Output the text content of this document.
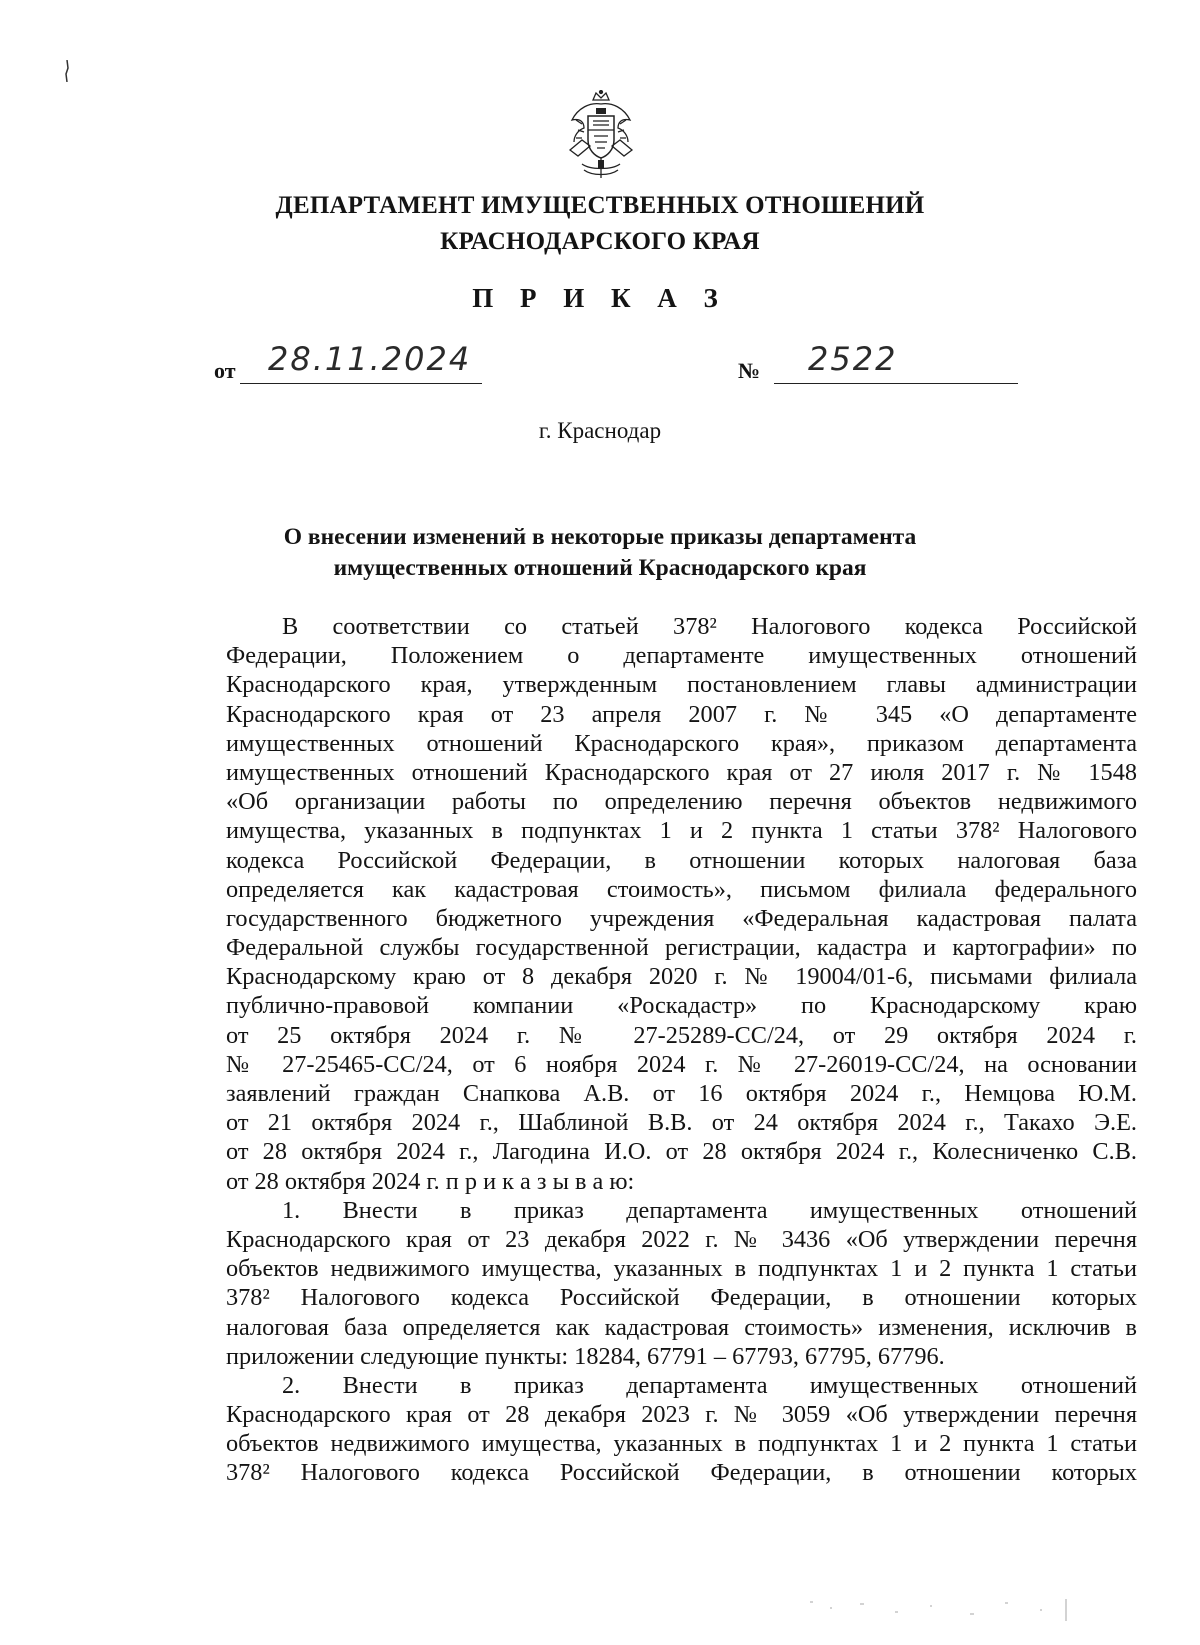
ДЕПАРТАМЕНТ ИМУЩЕСТВЕННЫХ ОТНОШЕНИЙ
КРАСНОДАРСКОГО КРАЯ
П Р И К А З
от 28.11.2024	№ 2522
г. Краснодар
О внесении изменений в некоторые приказы департамента
имущественных отношений Краснодарского края
В соответствии со статьей 378² Налогового кодекса Российской
Федерации, Положением о департаменте имущественных отношений
Краснодарского края, утвержденным постановлением главы администрации
Краснодарского края от 23 апреля 2007 г. № 345 «О департаменте
имущественных отношений Краснодарского края», приказом департамента
имущественных отношений Краснодарского края от 27 июля 2017 г. № 1548
«Об организации работы по определению перечня объектов недвижимого
имущества, указанных в подпунктах 1 и 2 пункта 1 статьи 378² Налогового
кодекса Российской Федерации, в отношении которых налоговая база
определяется как кадастровая стоимость», письмом филиала федерального
государственного бюджетного учреждения «Федеральная кадастровая палата
Федеральной службы государственной регистрации, кадастра и картографии» по
Краснодарскому краю от 8 декабря 2020 г. № 19004/01-6, письмами филиала
публично-правовой компании «Роскадастр» по Краснодарскому краю
от 25 октября 2024 г. № 27-25289-СС/24, от 29 октября 2024 г.
№ 27-25465-СС/24, от 6 ноября 2024 г. № 27-26019-СС/24, на основании
заявлений граждан Снапкова А.В. от 16 октября 2024 г., Немцова Ю.М.
от 21 октября 2024 г., Шаблиной В.В. от 24 октября 2024 г., Такахо Э.Е.
от 28 октября 2024 г., Лагодина И.О. от 28 октября 2024 г., Колесниченко С.В.
от 28 октября 2024 г. п р и к а з ы в а ю:
1. Внести в приказ департамента имущественных отношений
Краснодарского края от 23 декабря 2022 г. № 3436 «Об утверждении перечня
объектов недвижимого имущества, указанных в подпунктах 1 и 2 пункта 1 статьи
378² Налогового кодекса Российской Федерации, в отношении которых
налоговая база определяется как кадастровая стоимость» изменения, исключив в
приложении следующие пункты: 18284, 67791 – 67793, 67795, 67796.
2. Внести в приказ департамента имущественных отношений
Краснодарского края от 28 декабря 2023 г. № 3059 «Об утверждении перечня
объектов недвижимого имущества, указанных в подпунктах 1 и 2 пункта 1 статьи
378² Налогового кодекса Российской Федерации, в отношении которых
